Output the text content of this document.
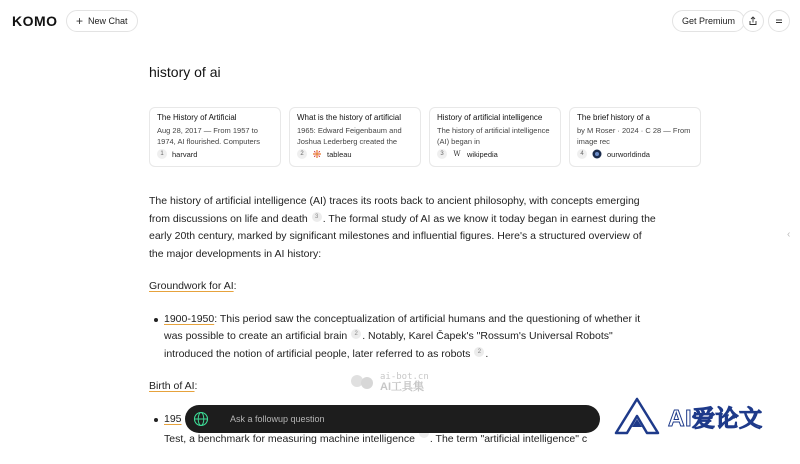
KOMO + New Chat	Get Premium
history of ai
The History of Artificial
Aug 28, 2017 — From 1957 to 1974, AI flourished. Computers
1	harvard
What is the history of artificial
1965: Edward Feigenbaum and Joshua Lederberg created the
2	tableau
History of artificial intelligence
The history of artificial intelligence (AI) began in
3	W wikipedia
The brief history of a
by M Roser · 2024 · C 28 — From image rec
4	ourworldinda

The history of artificial intelligence (AI) traces its roots back to ancient philosophy, with concepts emerging from discussions on life and death 3 . The formal study of AI as we know it today began in earnest during the early 20th century, marked by significant milestones and influential figures. Here's a structured overview of the major developments in AI history:

Groundwork for AI:

1900-1950: This period saw the conceptualization of artificial humans and the questioning of whether it was possible to create an artificial brain 2 . Notably, Karel Čapek's "Rossum's Universal Robots" introduced the notion of artificial people, later referred to as robots 2 .

Birth of AI:

195
Test, a benchmark for measuring machine intelligence . The term "artificial intelligence" c
‹
ai-bot.cn
AI工具集
Ask a followup question
AI爱论文
